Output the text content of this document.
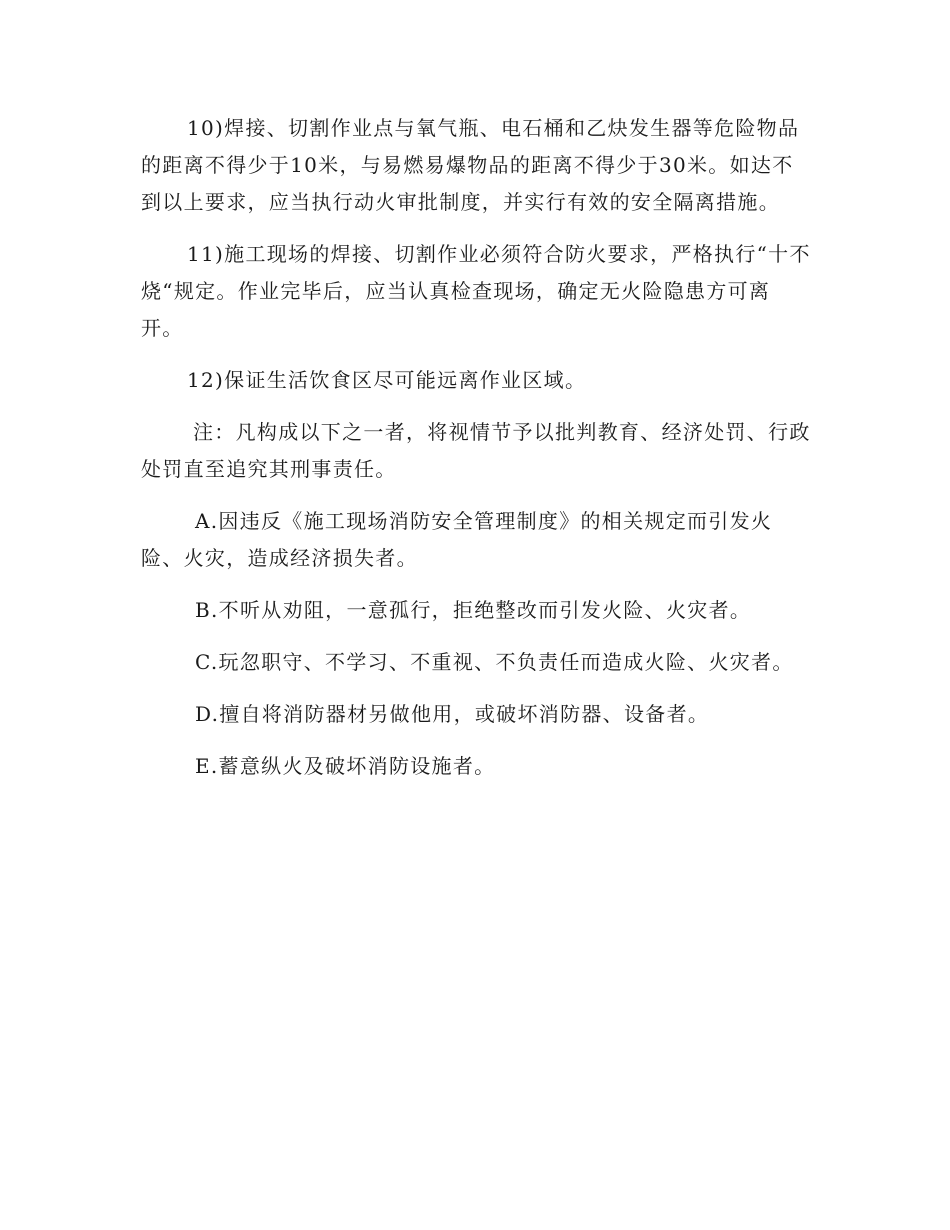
10)焊接、切割作业点与氧气瓶、电石桶和乙炔发生器等危险物品的距离不得少于10米，与易燃易爆物品的距离不得少于30米。如达不到以上要求，应当执行动火审批制度，并实行有效的安全隔离措施。

11)施工现场的焊接、切割作业必须符合防火要求，严格执行“十不烧“规定。作业完毕后，应当认真检查现场，确定无火险隐患方可离开。

12)保证生活饮食区尽可能远离作业区域。

注：凡构成以下之一者，将视情节予以批判教育、经济处罚、行政处罚直至追究其刑事责任。

A.因违反《施工现场消防安全管理制度》的相关规定而引发火险、火灾，造成经济损失者。

B.不听从劝阻，一意孤行，拒绝整改而引发火险、火灾者。

C.玩忽职守、不学习、不重视、不负责任而造成火险、火灾者。

D.擅自将消防器材另做他用，或破坏消防器、设备者。

E.蓄意纵火及破坏消防设施者。
